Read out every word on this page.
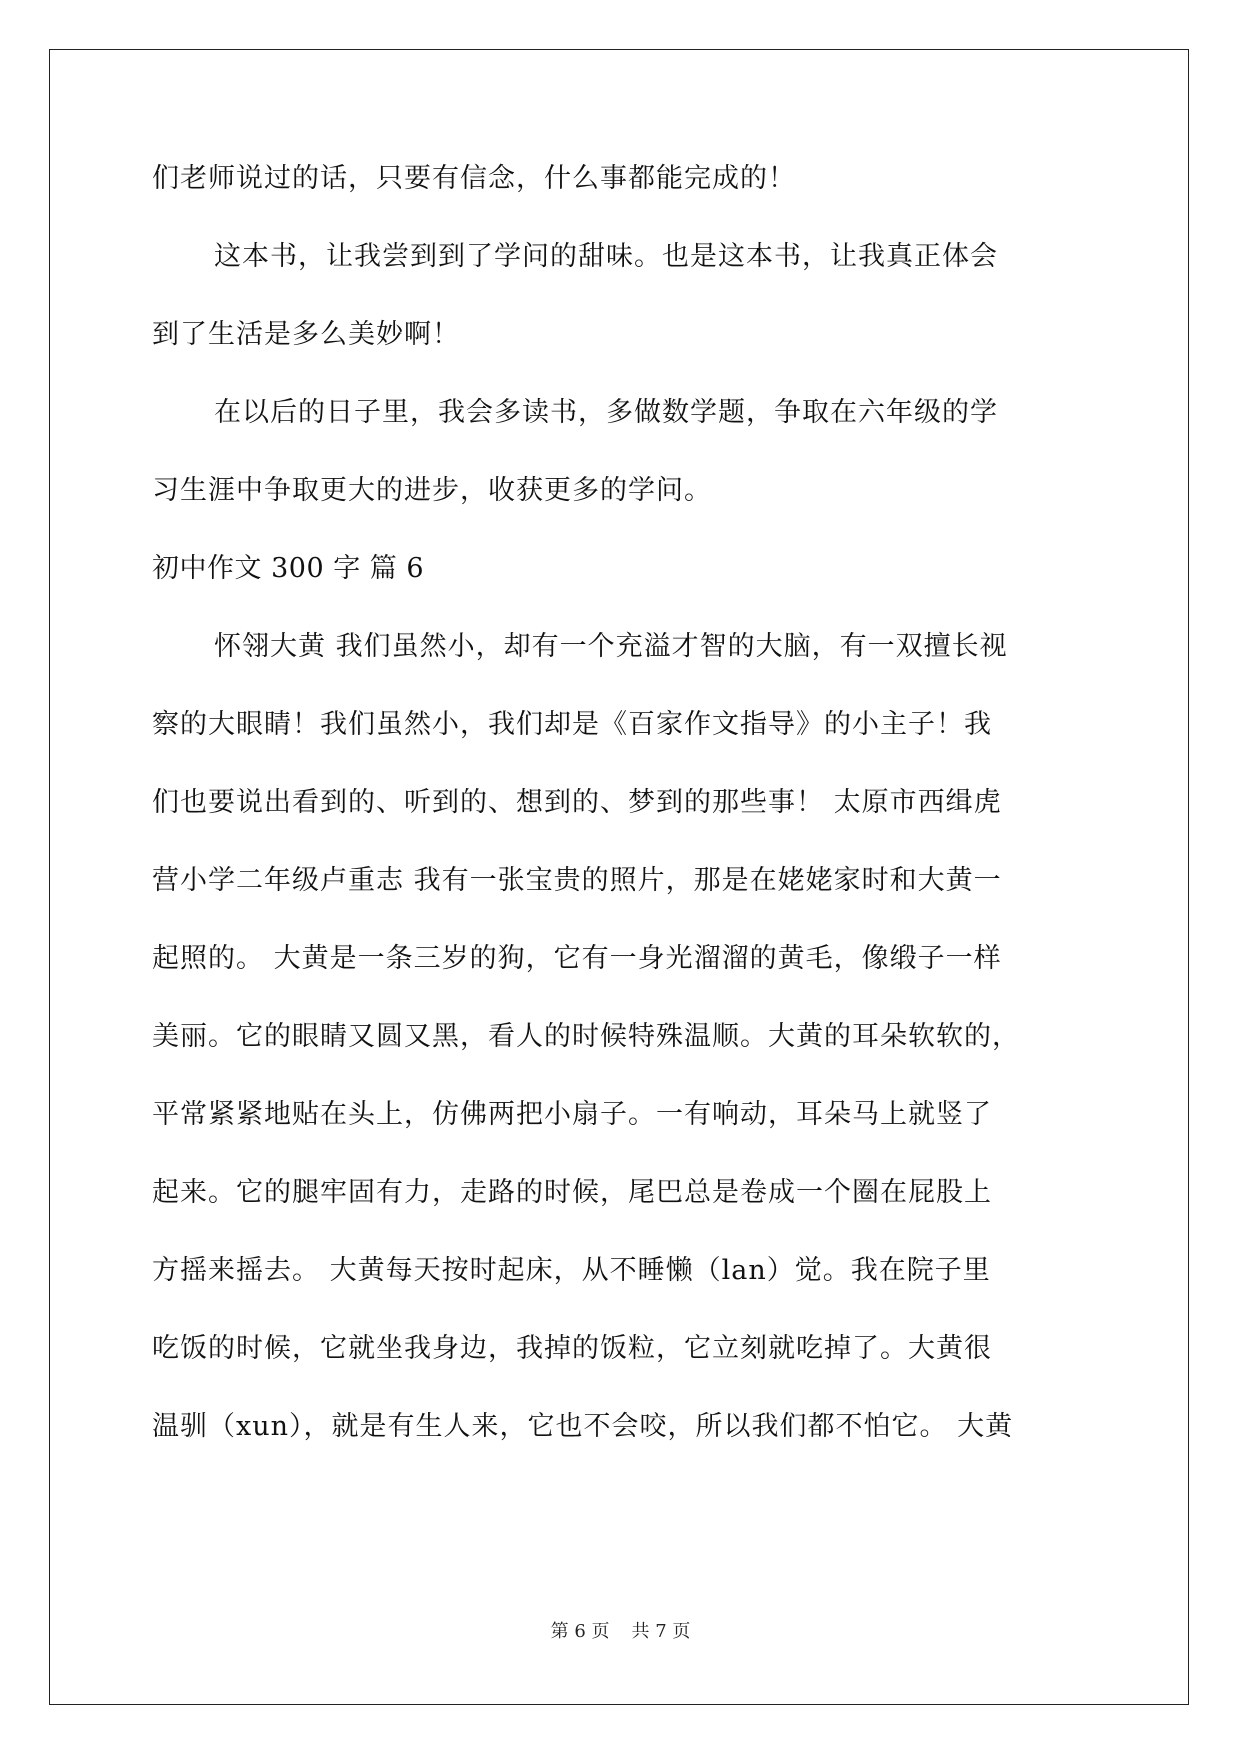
们老师说过的话，只要有信念，什么事都能完成的！
这本书，让我尝到到了学问的甜味。也是这本书，让我真正体会
到了生活是多么美妙啊！
在以后的日子里，我会多读书，多做数学题，争取在六年级的学
习生涯中争取更大的进步，收获更多的学问。
初中作文 300 字 篇 6
怀翎大黄 我们虽然小，却有一个充溢才智的大脑，有一双擅长视
察的大眼睛！我们虽然小，我们却是《百家作文指导》的小主子！我
们也要说出看到的、听到的、想到的、梦到的那些事！ 太原市西缉虎
营小学二年级卢重志 我有一张宝贵的照片，那是在姥姥家时和大黄一
起照的。 大黄是一条三岁的狗，它有一身光溜溜的黄毛，像缎子一样
美丽。它的眼睛又圆又黑，看人的时候特殊温顺。大黄的耳朵软软的，
平常紧紧地贴在头上，仿佛两把小扇子。一有响动，耳朵马上就竖了
起来。它的腿牢固有力，走路的时候，尾巴总是卷成一个圈在屁股上
方摇来摇去。 大黄每天按时起床，从不睡懒（lan）觉。我在院子里
吃饭的时候，它就坐我身边，我掉的饭粒，它立刻就吃掉了。大黄很
温驯（xun），就是有生人来，它也不会咬，所以我们都不怕它。 大黄
第 6 页 共 7 页
